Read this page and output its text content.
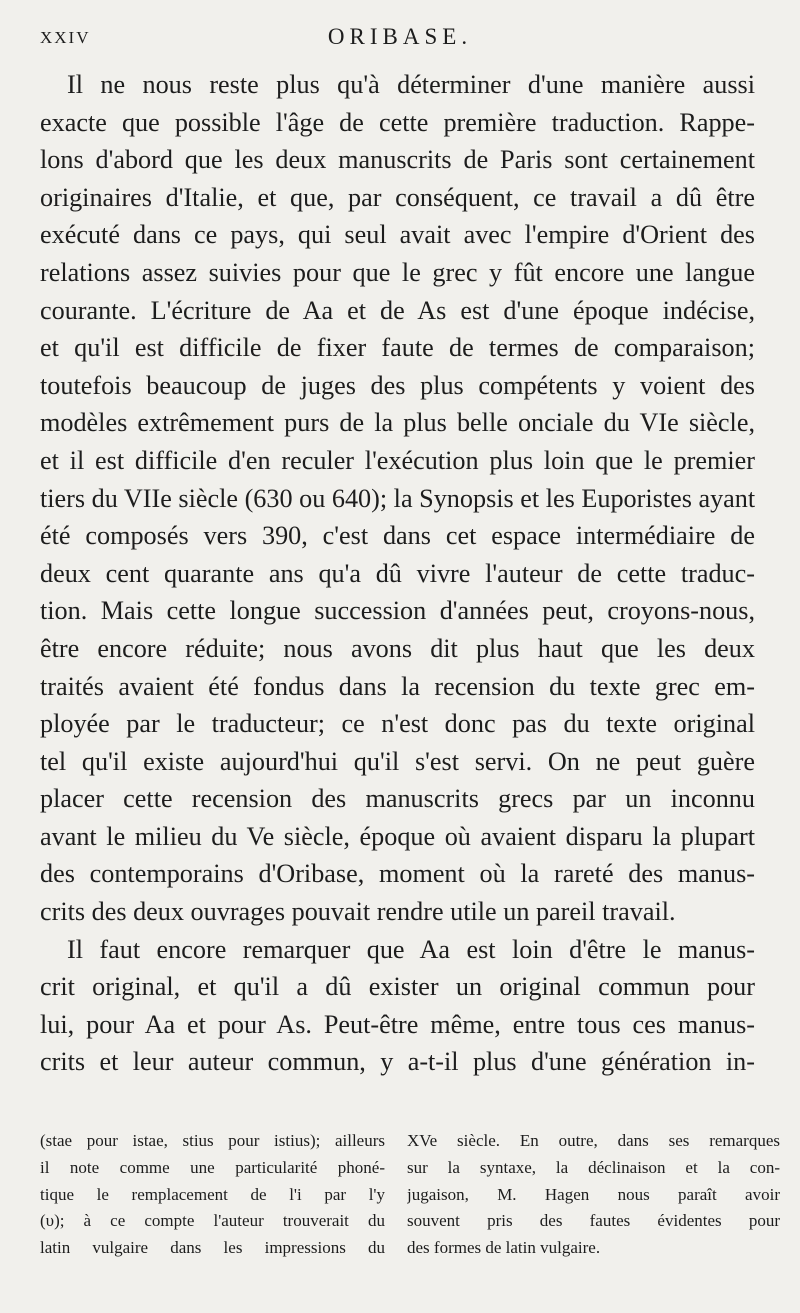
XXIV	ORIBASE.
Il ne nous reste plus qu'à déterminer d'une manière aussi
exacte que possible l'âge de cette première traduction. Rappe-
lons d'abord que les deux manuscrits de Paris sont certainement
originaires d'Italie, et que, par conséquent, ce travail a dû être
exécuté dans ce pays, qui seul avait avec l'empire d'Orient des
relations assez suivies pour que le grec y fût encore une langue
courante. L'écriture de Aa et de As est d'une époque indécise,
et qu'il est difficile de fixer faute de termes de comparaison;
toutefois beaucoup de juges des plus compétents y voient des
modèles extrêmement purs de la plus belle onciale du VIe siècle,
et il est difficile d'en reculer l'exécution plus loin que le premier
tiers du VIIe siècle (630 ou 640); la Synopsis et les Euporistes ayant
été composés vers 390, c'est dans cet espace intermédiaire de
deux cent quarante ans qu'a dû vivre l'auteur de cette traduc-
tion. Mais cette longue succession d'années peut, croyons-nous,
être encore réduite; nous avons dit plus haut que les deux
traités avaient été fondus dans la recension du texte grec em-
ployée par le traducteur; ce n'est donc pas du texte original
tel qu'il existe aujourd'hui qu'il s'est servi. On ne peut guère
placer cette recension des manuscrits grecs par un inconnu
avant le milieu du Ve siècle, époque où avaient disparu la plupart
des contemporains d'Oribase, moment où la rareté des manus-
crits des deux ouvrages pouvait rendre utile un pareil travail.
Il faut encore remarquer que Aa est loin d'être le manus-
crit original, et qu'il a dû exister un original commun pour
lui, pour Aa et pour As. Peut-être même, entre tous ces manus-
crits et leur auteur commun, y a-t-il plus d'une génération in-
(stae pour istae, stius pour istius); ailleurs
il note comme une particularité phoné-
tique le remplacement de l'i par l'y
(υ); à ce compte l'auteur trouverait du
latin vulgaire dans les impressions du
XVe siècle. En outre, dans ses remarques
sur la syntaxe, la déclinaison et la con-
jugaison, M. Hagen nous paraît avoir
souvent pris des fautes évidentes pour
des formes de latin vulgaire.
